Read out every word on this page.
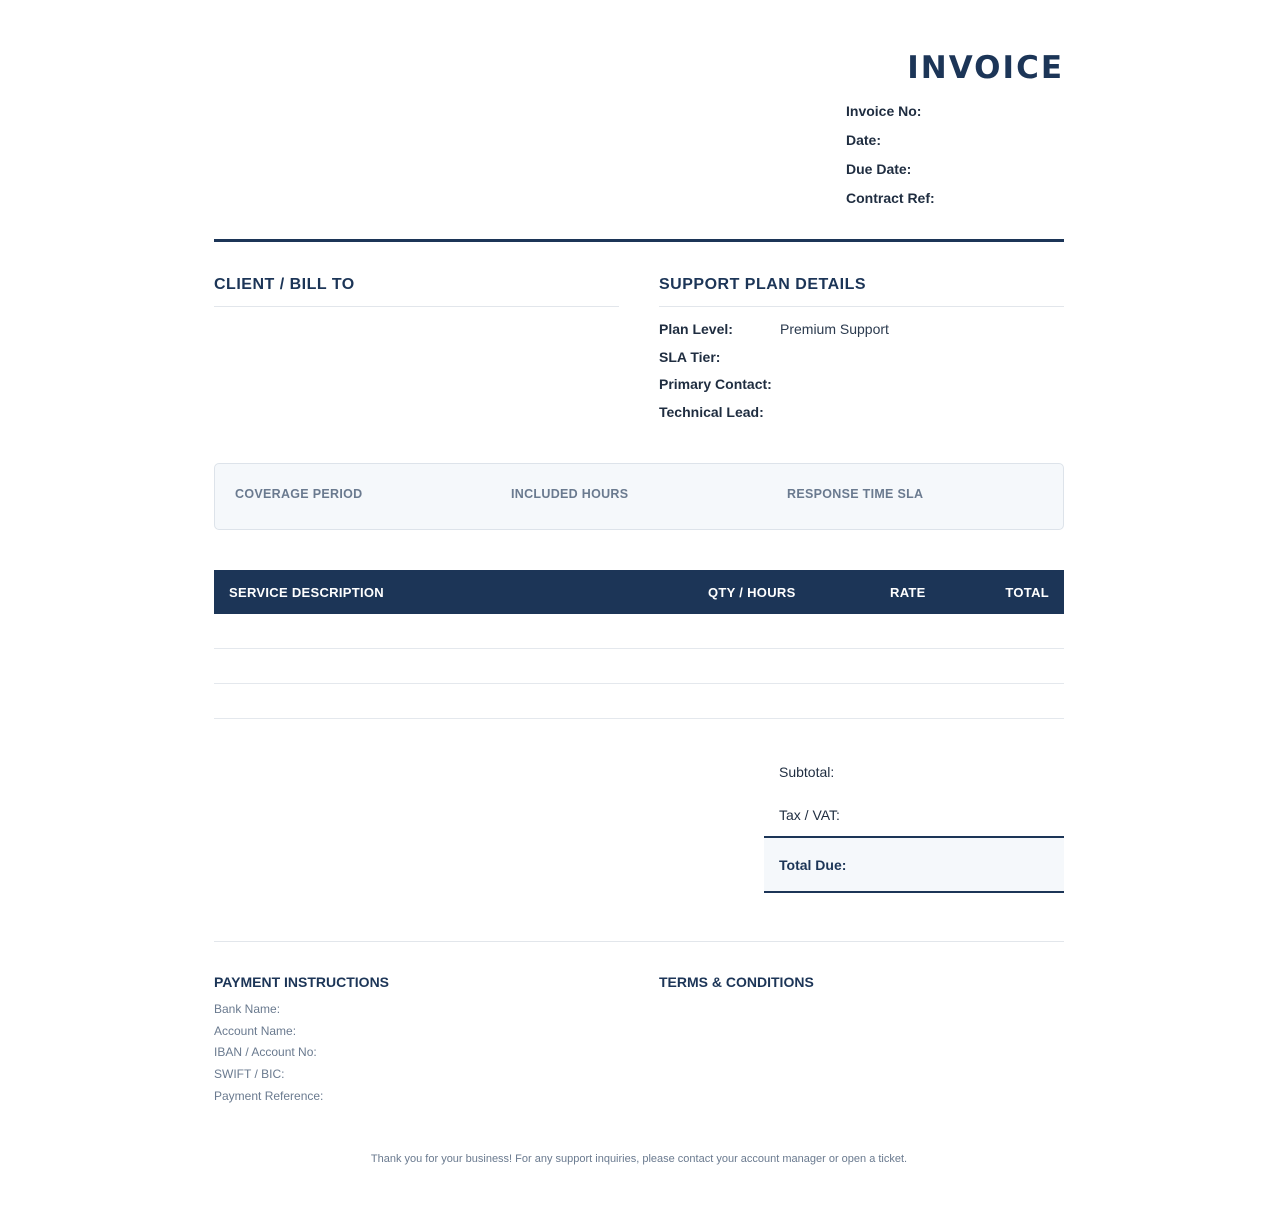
INVOICE
Invoice No:
Date:
Due Date:
Contract Ref:
CLIENT / BILL TO	SUPPORT PLAN DETAILS
Plan Level:	Premium Support
SLA Tier:
Primary Contact:
Technical Lead:
COVERAGE PERIOD	INCLUDED HOURS	RESPONSE TIME SLA
SERVICE DESCRIPTION	QTY / HOURS	RATE	TOTAL
Subtotal:
Tax / VAT:
Total Due:
PAYMENT INSTRUCTIONS
Bank Name:
Account Name:
IBAN / Account No:
SWIFT / BIC:
Payment Reference:
TERMS & CONDITIONS
Thank you for your business! For any support inquiries, please contact your account manager or open a ticket.
